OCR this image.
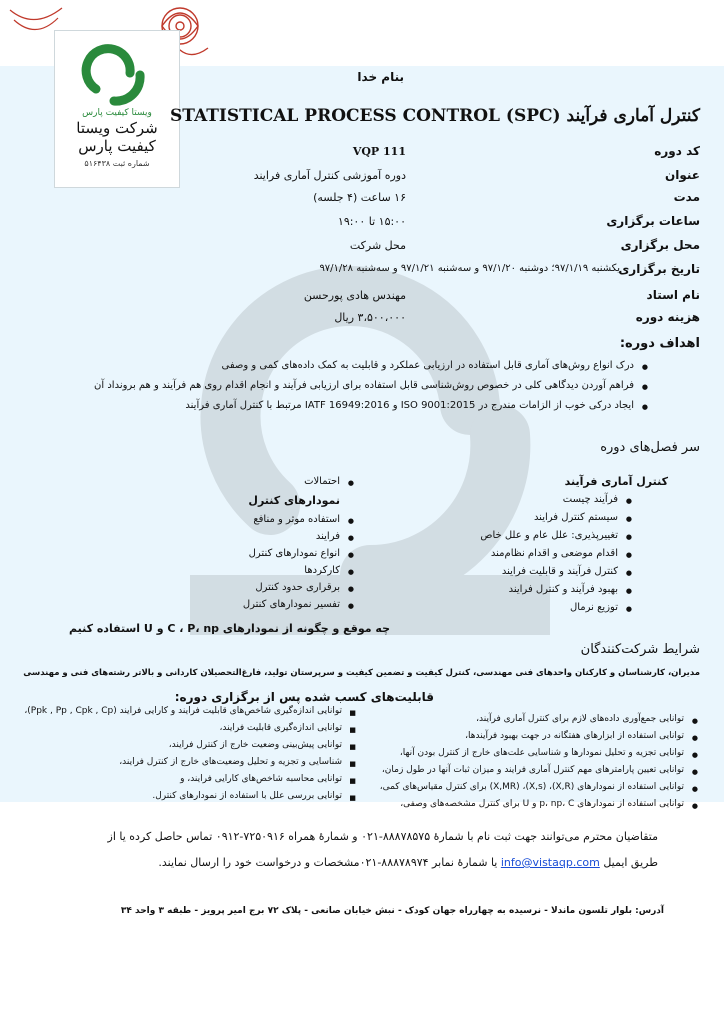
ویستا کیفیت پارس
شرکت ویستا کیفیت پارس
شماره ثبت ۵۱۶۴۳۸
بنام خدا
کنترل آماری فرآیند STATISTICAL PROCESS CONTROL (SPC)
کد دوره
VQP 111
عنوان
دوره آموزشی کنترل آماری فرایند
مدت
۱۶ ساعت (۴ جلسه)
ساعات برگزاری
۱۵:۰۰ تا ۱۹:۰۰
محل برگزاری
محل شرکت
تاریخ برگزاری
یکشنبه ۹۷/۱/۱۹؛ دوشنبه ۹۷/۱/۲۰ و سه‌شنبه ۹۷/۱/۲۱ و سه‌شنبه ۹۷/۱/۲۸
نام استاد
مهندس هادی پورحسن
هزینه دوره
۳،۵۰۰،۰۰۰ ریال
اهداف دوره:
● درک انواع روش‌های آماری قابل استفاده در ارزیابی عملکرد و قابلیت به کمک داده‌های کمی و وصفی
● فراهم آوردن دیدگاهی کلی در خصوص روش‌شناسی قابل استفاده برای ارزیابی فرآیند و انجام اقدام روی هم فرآیند و هم برونداد آن
● ایجاد درکی خوب از الزامات مندرج در ISO 9001:2015 و IATF 16949:2016 مرتبط با کنترل آماری فرآیند
سر فصل‌های دوره
کنترل آماری فرآیند
● فرآیند چیست
● سیستم کنترل فرایند
● تغییرپذیری: علل عام و علل خاص
● اقدام موضعی و اقدام نظام‌مند
● کنترل فرآیند و قابلیت فرایند
● بهبود فرآیند و کنترل فرایند
● توزیع نرمال
● احتمالات
نمودارهای کنترل
● استفاده موثر و منافع
● فرایند
● انواع نمودارهای کنترل
● کارکردها
● برقراری حدود کنترل
● تفسیر نمودارهای کنترل
چه موقع و چگونه از نمودارهای C ، P، np و U استفاده کنیم
شرایط شرکت‌کنندگان
مدیران، کارشناسان و کارکنان واحدهای فنی مهندسی، کنترل کیفیت و تضمین کیفیت و سرپرستان تولید، فارغ‌التحصیلان کاردانی و بالاتر رشته‌های فنی و مهندسی
قابلیت‌های کسب شده پس از برگزاری دوره:
● توانایی جمع‌آوری داده‌های لازم برای کنترل آماری فرآیند،
● توانایی استفاده از ابزارهای هفتگانه در جهت بهبود فرآیندها،
● توانایی تجزیه و تحلیل نمودارها و شناسایی علت‌های خارج از کنترل بودن آنها،
● توانایی تعیین پارامترهای مهم کنترل آماری فرایند و میزان ثبات آنها در طول زمان،
● توانایی استفاده از نمودارهای (X,R)، (X,s)، (X,MR) برای کنترل مقیاس‌های کمی،
● توانایی استفاده از نمودارهای p، np، C و U برای کنترل مشخصه‌های وصفی،
■ توانایی اندازه‌گیری شاخص‌های قابلیت فرایند و کارایی فرایند (Ppk , Pp , Cpk , Cp)،
■ توانایی اندازه‌گیری قابلیت فرایند،
■ توانایی پیش‌بینی وضعیت خارج از کنترل فرایند،
■ شناسایی و تجزیه و تحلیل وضعیت‌های خارج از کنترل فرایند،
■ توانایی محاسبه شاخص‌های کارایی فرایند، و
■ توانایی بررسی علل با استفاده از نمودارهای کنترل.
متقاضیان محترم می‌توانند جهت ثبت نام با شمارهٔ ۸۸۸۷۸۵۷۵-۰۲۱ و شمارهٔ همراه ۷۲۵۰۹۱۶-۰۹۱۲ تماس حاصل کرده یا از
طریق ایمیل info@vistaqp.com یا شمارهٔ نمابر ۸۸۸۷۸۹۷۴-۰۲۱مشخصات و درخواست خود را ارسال نمایند.
آدرس: بلوار تلسون ماندلا - نرسیده به چهارراه جهان کودک - نبش خیابان صانعی - پلاک ۷۲ برج امیر پرویز - طبقه ۳ واحد ۳۴
